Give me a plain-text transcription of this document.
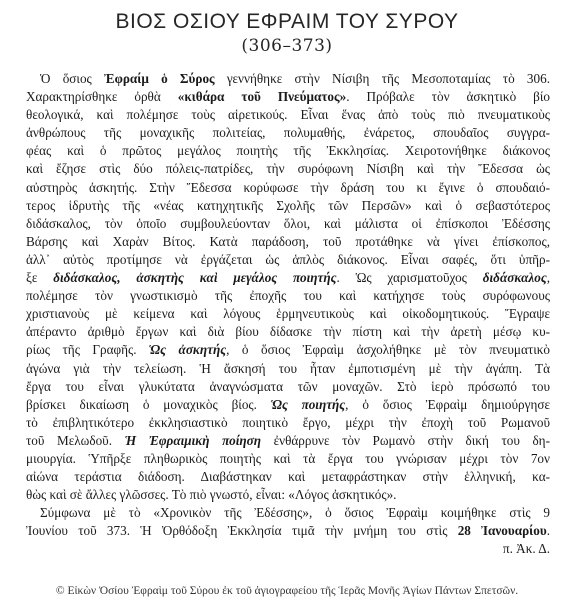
ΒΙΟΣ ΟΣΙΟΥ ΕΦΡΑΙΜ ΤΟΥ ΣΥΡΟΥ
(306–373)
Ὁ ὅσιος Ἐφραίμ ὁ Σύρος γεννήθηκε στὴν Νίσιβη τῆς Μεσοποταμίας τὸ 306.
Χαρακτηρίσθηκε ὀρθὰ «κιθάρα τοῦ Πνεύματος». Πρόβαλε τὸν ἀσκητικὸ βίο
θεολογικά, καὶ πολέμησε τοὺς αἱρετικούς. Εἶναι ἕνας ἀπὸ τοὺς πιὸ πνευματικοὺς
ἀνθρώπους τῆς μοναχικῆς πολιτείας, πολυμαθής, ἐνάρετος, σπουδαῖος συγγρα-
φέας καὶ ὁ πρῶτος μεγάλος ποιητὴς τῆς Ἐκκλησίας. Χειροτονήθηκε διάκονος
καὶ ἔζησε στὶς δύο πόλεις-πατρίδες, τὴν συρόφωνη Νίσιβη καὶ τὴν Ἔδεσσα ὡς
αὐστηρὸς ἀσκητής. Στὴν Ἔδεσσα κορύφωσε τὴν δράση του κι ἔγινε ὁ σπουδαιό-
τερος ἱδρυτὴς τῆς «νέας κατηχητικῆς Σχολῆς τῶν Περσῶν» καὶ ὁ σεβαστότερος
διδάσκαλος, τὸν ὁποῖο συμβουλεύονταν ὅλοι, καὶ μάλιστα οἱ ἐπίσκοποι Ἐδέσσης
Βάρσης καὶ Χαρὰν Βίτος. Κατὰ παράδοση, τοῦ προτάθηκε νὰ γίνει ἐπίσκοπος,
ἀλλ᾽ αὐτὸς προτίμησε νὰ ἐργάζεται ὡς ἁπλὸς διάκονος. Εἶναι σαφές, ὅτι ὑπῆρ-
ξε διδάσκαλος, ἀσκητὴς καὶ μεγάλος ποιητής. Ὡς χαρισματοῦχος διδάσκαλος,
πολέμησε τὸν γνωστικισμὸ τῆς ἐποχῆς του καὶ κατήχησε τοὺς συρόφωνους
χριστιανοὺς μὲ κείμενα καὶ λόγους ἑρμηνευτικοὺς καὶ οἰκοδομητικούς. Ἔγραψε
ἀπέραντο ἀριθμὸ ἔργων καὶ διὰ βίου δίδασκε τὴν πίστη καὶ τὴν ἀρετὴ μέσῳ κυ-
ρίως τῆς Γραφῆς. Ὡς ἀσκητής, ὁ ὅσιος Ἐφραὶμ ἀσχολήθηκε μὲ τὸν πνευματικὸ
ἀγώνα γιὰ τὴν τελείωση. Ἡ ἄσκησή του ἦταν ἐμποτισμένη μὲ τὴν ἀγάπη. Τὰ
ἔργα του εἶναι γλυκύτατα ἀναγνώσματα τῶν μοναχῶν. Στὸ ἱερὸ πρόσωπό του
βρίσκει δικαίωση ὁ μοναχικὸς βίος. Ὡς ποιητής, ὁ ὅσιος Ἐφραὶμ δημιούργησε
τὸ ἐπιβλητικότερο ἐκκλησιαστικὸ ποιητικὸ ἔργο, μέχρι τὴν ἐποχὴ τοῦ Ρωμανοῦ
τοῦ Μελωδοῦ. Ἡ Ἐφραιμικὴ ποίηση ἐνθάρρυνε τὸν Ρωμανὸ στὴν δική του δη-
μιουργία. Ὑπῆρξε πληθωρικὸς ποιητὴς καὶ τὰ ἔργα του γνώρισαν μέχρι τὸν 7ον
αἰώνα τεράστια διάδοση. Διαβάστηκαν καὶ μεταφράστηκαν στὴν ἑλληνική, κα-
θὼς καὶ σὲ ἄλλες γλῶσσες. Τὸ πιὸ γνωστό, εἶναι: «Λόγος ἀσκητικός».
Σύμφωνα μὲ τὸ «Χρονικὸν τῆς Ἐδέσσης», ὁ ὅσιος Ἐφραὶμ κοιμήθηκε στὶς 9
Ἰουνίου τοῦ 373. Ἡ Ὀρθόδοξη Ἐκκλησία τιμᾶ τὴν μνήμη του στὶς 28 Ἰανουαρίου.
π. Ἀκ. Δ.
© Εἰκὼν Ὁσίου Ἐφραὶμ τοῦ Σύρου ἐκ τοῦ ἁγιογραφείου τῆς Ἱερᾶς Μονῆς Ἁγίων Πάντων Σπετσῶν.
